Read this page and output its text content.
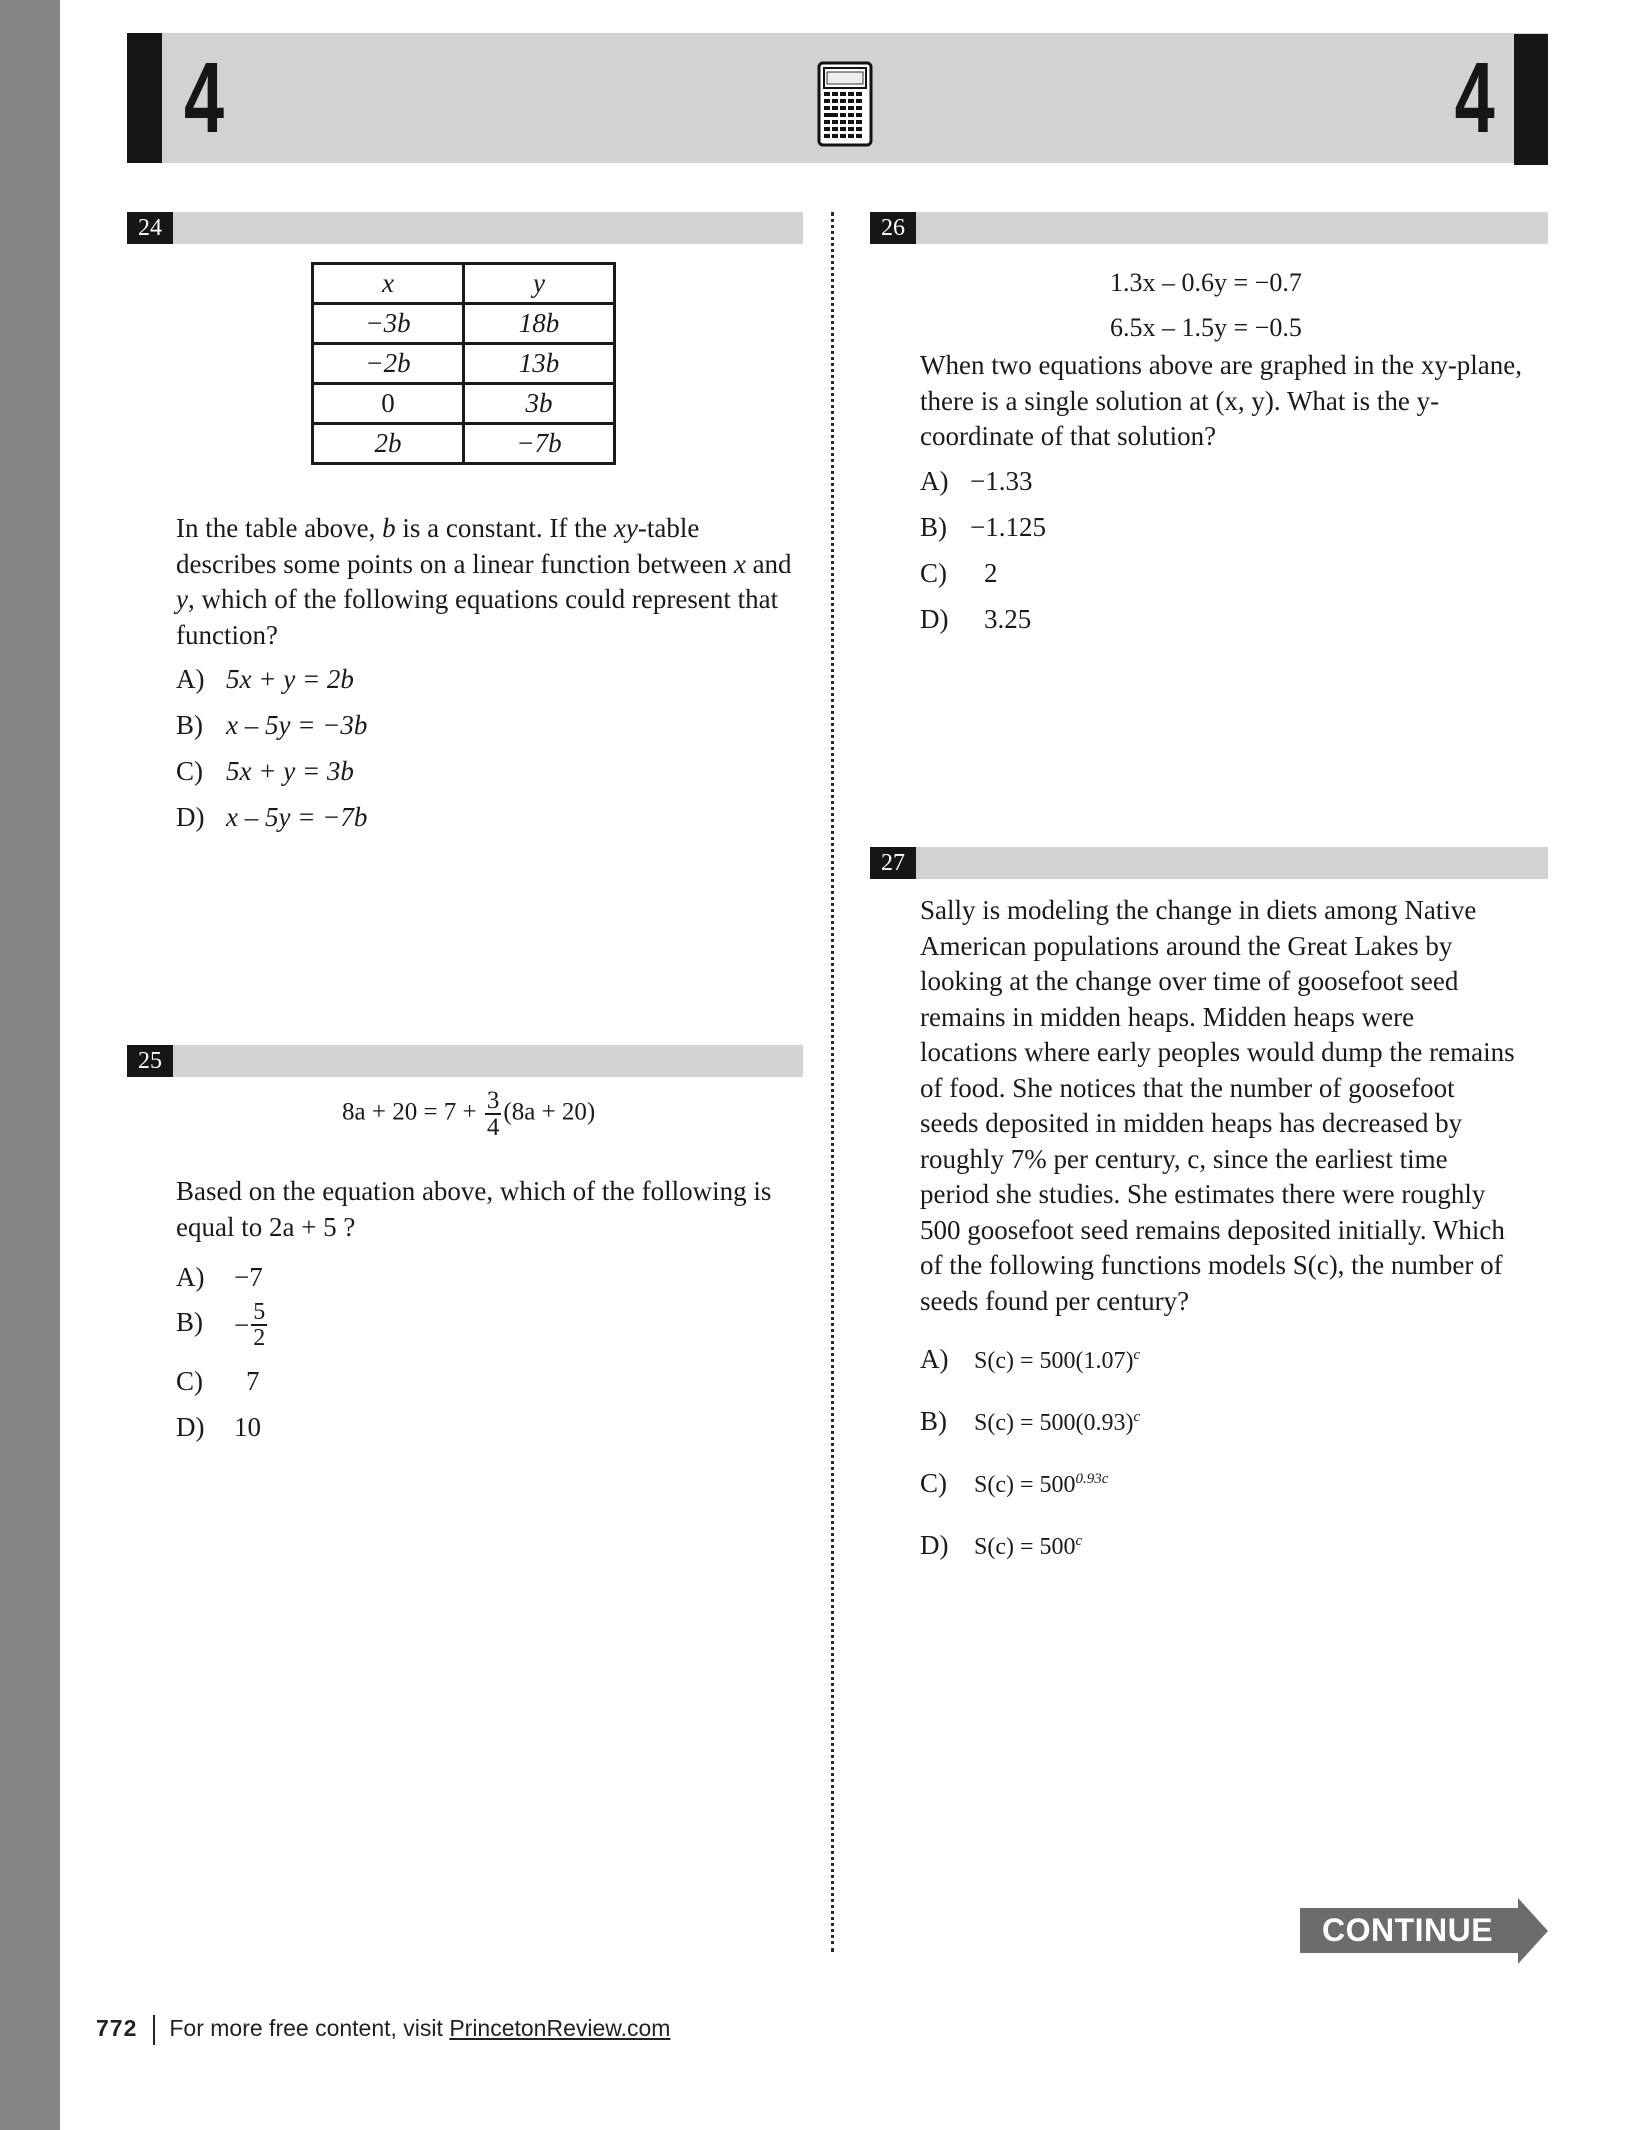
4	4
24
x	y
−3b	18b
−2b	13b
0	3b
2b	−7b
In the table above, b is a constant. If the xy-table describes some points on a linear function between x and y, which of the following equations could represent that function?
A) 5x + y = 2b
B) x – 5y = −3b
C) 5x + y = 3b
D) x – 5y = −7b
25
$8a + 20 = 7 + \frac{3}{4} (8a + 20)$
Based on the equation above, which of the following is equal to 2a + 5 ?
A) −7
$B) - \frac{5}{2}$
C) 7
D) 10
26
1.3x – 0.6y = −0.7
6.5x – 1.5y = −0.5
When two equations above are graphed in the xy-plane, there is a single solution at (x, y). What is the y-coordinate of that solution?
A) −1.33
B) −1.125
C) 2
D) 3.25
27
Sally is modeling the change in diets among Native American populations around the Great Lakes by looking at the change over time of goosefoot seed remains in midden heaps. Midden heaps were locations where early peoples would dump the remains of food. She notices that the number of goosefoot seeds deposited in midden heaps has decreased by roughly 7% per century, c, since the earliest time period she studies. She estimates there were roughly 500 goosefoot seed remains deposited initially. Which of the following functions models S(c), the number of seeds found per century?
A) $S(c) = 500(1.07)^c$
B) $S(c) = 500(0.93)^c$
C) $S(c) = 500^{0.93c}$
D) $S(c) = 500^c$
CONTINUE
772 For more free content, visit PrincetonReview.com
